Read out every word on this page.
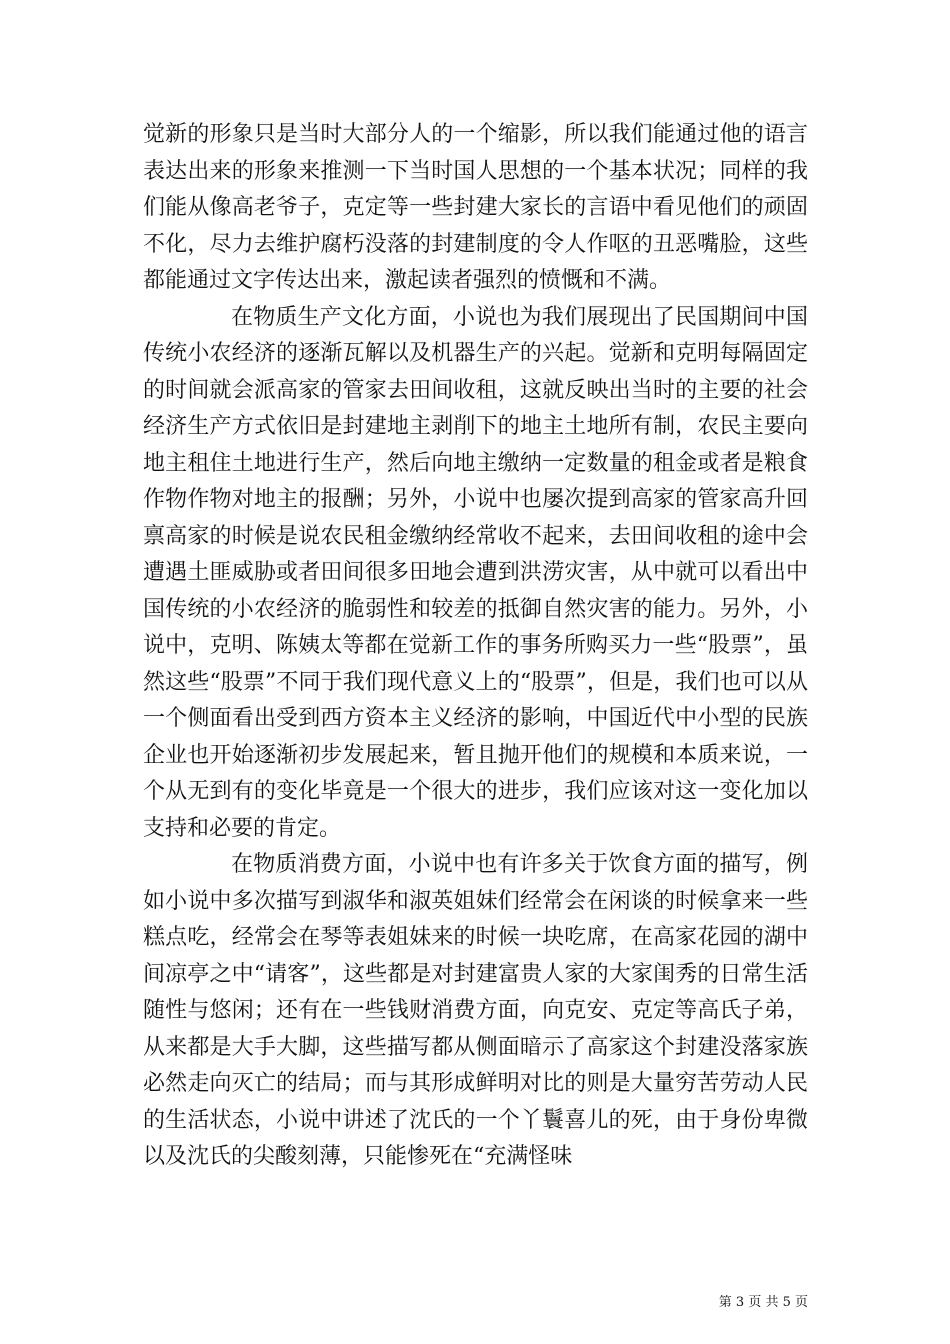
觉新的形象只是当时大部分人的一个缩影，所以我们能通过他的语言表达出来的形象来推测一下当时国人思想的一个基本状况；同样的我们能从像高老爷子，克定等一些封建大家长的言语中看见他们的顽固不化，尽力去维护腐朽没落的封建制度的令人作呕的丑恶嘴脸，这些都能通过文字传达出来，激起读者强烈的愤慨和不满。

在物质生产文化方面，小说也为我们展现出了民国期间中国传统小农经济的逐渐瓦解以及机器生产的兴起。觉新和克明每隔固定的时间就会派高家的管家去田间收租，这就反映出当时的主要的社会经济生产方式依旧是封建地主剥削下的地主土地所有制，农民主要向地主租住土地进行生产，然后向地主缴纳一定数量的租金或者是粮食作物作物对地主的报酬；另外，小说中也屡次提到高家的管家高升回禀高家的时候是说农民租金缴纳经常收不起来，去田间收租的途中会遭遇土匪威胁或者田间很多田地会遭到洪涝灾害，从中就可以看出中国传统的小农经济的脆弱性和较差的抵御自然灾害的能力。另外，小说中，克明、陈姨太等都在觉新工作的事务所购买力一些“股票”，虽然这些“股票”不同于我们现代意义上的“股票”，但是，我们也可以从一个侧面看出受到西方资本主义经济的影响，中国近代中小型的民族企业也开始逐渐初步发展起来，暂且抛开他们的规模和本质来说，一个从无到有的变化毕竟是一个很大的进步，我们应该对这一变化加以支持和必要的肯定。

在物质消费方面，小说中也有许多关于饮食方面的描写，例如小说中多次描写到淑华和淑英姐妹们经常会在闲谈的时候拿来一些糕点吃，经常会在琴等表姐妹来的时候一块吃席，在高家花园的湖中间凉亭之中“请客”，这些都是对封建富贵人家的大家闺秀的日常生活随性与悠闲；还有在一些钱财消费方面，向克安、克定等高氏子弟，从来都是大手大脚，这些描写都从侧面暗示了高家这个封建没落家族必然走向灭亡的结局；而与其形成鲜明对比的则是大量穷苦劳动人民的生活状态，小说中讲述了沈氏的一个丫鬟喜儿的死，由于身份卑微以及沈氏的尖酸刻薄，只能惨死在“充满怪味

第 3 页 共 5 页
